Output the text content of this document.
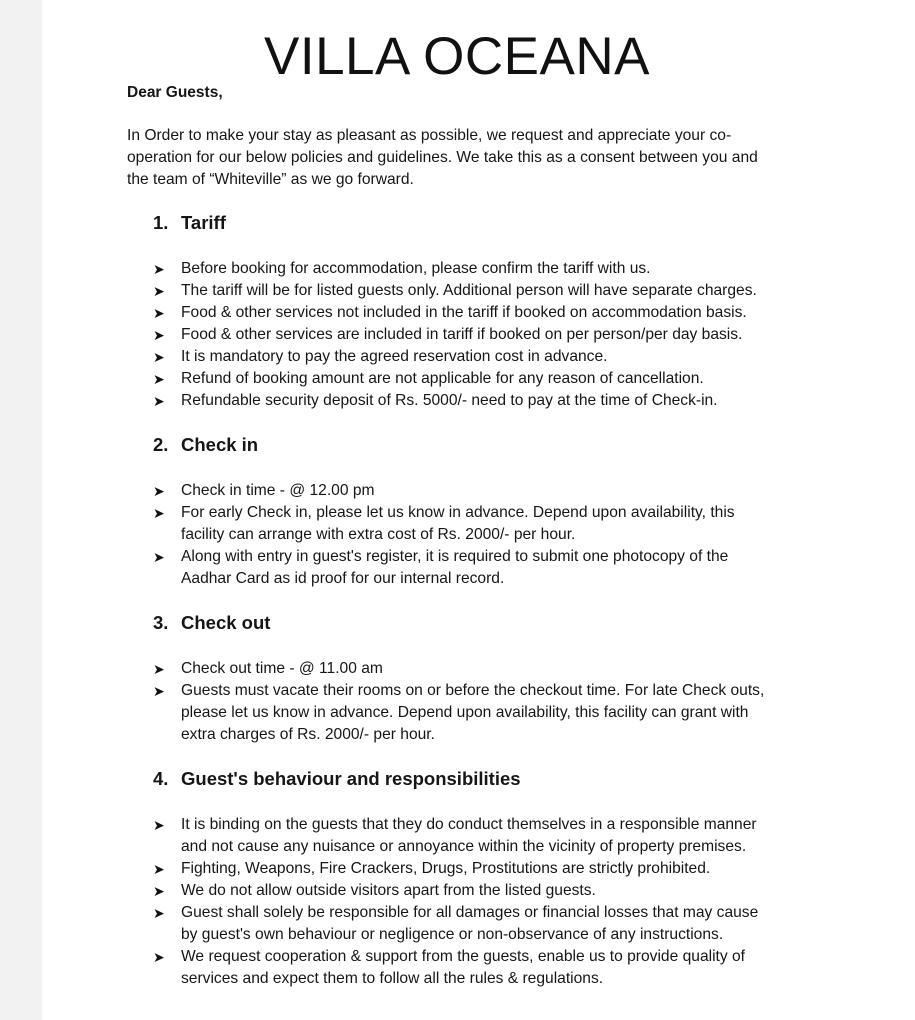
VILLA OCEANA
Dear Guests,
In Order to make your stay as pleasant as possible, we request and appreciate your co-
operation for our below policies and guidelines. We take this as a consent between you and
the team of “Whiteville” as we go forward.
1. Tariff
➤ Before booking for accommodation, please confirm the tariff with us.
➤ The tariff will be for listed guests only. Additional person will have separate charges.
➤ Food & other services not included in the tariff if booked on accommodation basis.
➤ Food & other services are included in tariff if booked on per person/per day basis.
➤ It is mandatory to pay the agreed reservation cost in advance.
➤ Refund of booking amount are not applicable for any reason of cancellation.
➤ Refundable security deposit of Rs. 5000/- need to pay at the time of Check-in.
2. Check in
➤ Check in time - @ 12.00 pm
➤ For early Check in, please let us know in advance. Depend upon availability, this
facility can arrange with extra cost of Rs. 2000/- per hour.
➤ Along with entry in guest's register, it is required to submit one photocopy of the
Aadhar Card as id proof for our internal record.
3. Check out
➤ Check out time - @ 11.00 am
➤ Guests must vacate their rooms on or before the checkout time. For late Check outs,
please let us know in advance. Depend upon availability, this facility can grant with
extra charges of Rs. 2000/- per hour.
4. Guest's behaviour and responsibilities
➤ It is binding on the guests that they do conduct themselves in a responsible manner
and not cause any nuisance or annoyance within the vicinity of property premises.
➤ Fighting, Weapons, Fire Crackers, Drugs, Prostitutions are strictly prohibited.
➤ We do not allow outside visitors apart from the listed guests.
➤ Guest shall solely be responsible for all damages or financial losses that may cause
by guest's own behaviour or negligence or non-observance of any instructions.
➤ We request cooperation & support from the guests, enable us to provide quality of
services and expect them to follow all the rules & regulations.
